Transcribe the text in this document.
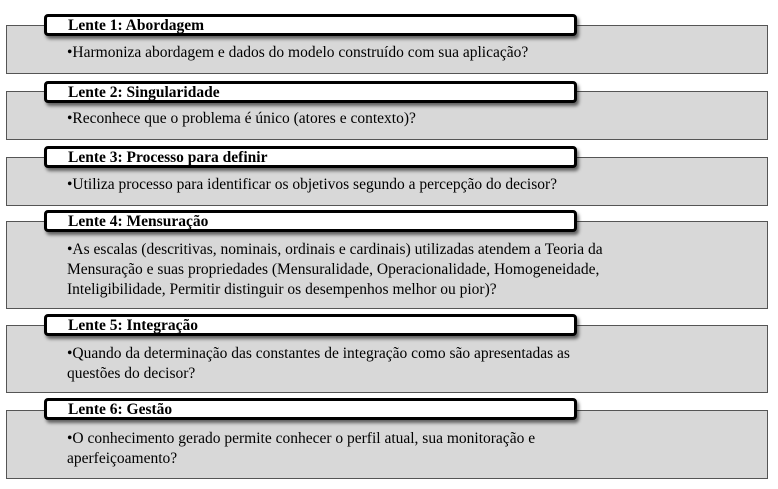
•Harmoniza abordagem e dados do modelo construído com sua aplicação?
Lente 1: Abordagem
•Reconhece que o problema é único (atores e contexto)?
Lente 2: Singularidade
•Utiliza processo para identificar os objetivos segundo a percepção do decisor?
Lente 3: Processo para definir
•As escalas (descritivas, nominais, ordinais e cardinais) utilizadas atendem a Teoria da
Mensuração e suas propriedades (Mensuralidade, Operacionalidade, Homogeneidade,
Inteligibilidade, Permitir distinguir os desempenhos melhor ou pior)?
Lente 4: Mensuração
•Quando da determinação das constantes de integração como são apresentadas as
questões do decisor?
Lente 5: Integração
•O conhecimento gerado permite conhecer o perfil atual, sua monitoração e
aperfeiçoamento?
Lente 6: Gestão
